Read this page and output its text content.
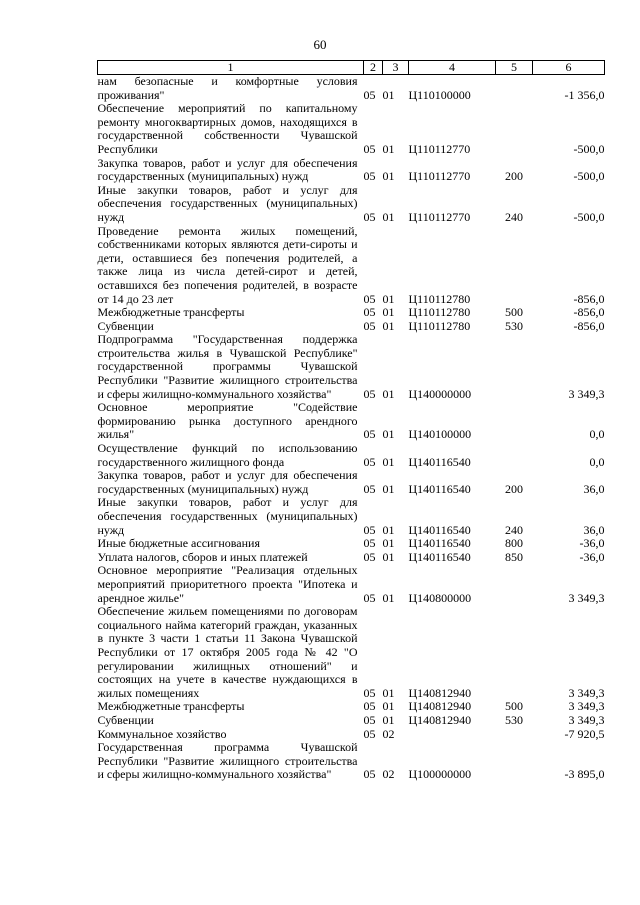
60
1	2	3	4	5	6
нам безопасные и комфортные условия проживания"	05	01	Ц110100000		-1 356,0
Обеспечение мероприятий по капитальному ремонту многоквартирных домов, находящихся в государственной собственности Чувашской Республики	05	01	Ц110112770		-500,0
Закупка товаров, работ и услуг для обеспечения государственных (муниципальных) нужд	05	01	Ц110112770	200	-500,0
Иные закупки товаров, работ и услуг для обеспечения государственных (муниципальных) нужд	05	01	Ц110112770	240	-500,0
Проведение ремонта жилых помещений, собственниками которых являются дети-сироты и дети, оставшиеся без попечения родителей, а также лица из числа детей-сирот и детей, оставшихся без попечения родителей, в возрасте от 14 до 23 лет	05	01	Ц110112780		-856,0
Межбюджетные трансферты	05	01	Ц110112780	500	-856,0
Субвенции	05	01	Ц110112780	530	-856,0
Подпрограмма "Государственная поддержка строительства жилья в Чувашской Республике" государственной программы Чувашской Республики "Развитие жилищного строительства и сферы жилищно-коммунального хозяйства"	05	01	Ц140000000		3 349,3
Основное мероприятие "Содействие формированию рынка доступного арендного жилья"	05	01	Ц140100000		0,0
Осуществление функций по использованию государственного жилищного фонда	05	01	Ц140116540		0,0
Закупка товаров, работ и услуг для обеспечения государственных (муниципальных) нужд	05	01	Ц140116540	200	36,0
Иные закупки товаров, работ и услуг для обеспечения государственных (муниципальных) нужд	05	01	Ц140116540	240	36,0
Иные бюджетные ассигнования	05	01	Ц140116540	800	-36,0
Уплата налогов, сборов и иных платежей	05	01	Ц140116540	850	-36,0
Основное мероприятие "Реализация отдельных мероприятий приоритетного проекта "Ипотека и арендное жилье"	05	01	Ц140800000		3 349,3
Обеспечение жильем помещениями по договорам социального найма категорий граждан, указанных в пункте 3 части 1 статьи 11 Закона Чувашской Республики от 17 октября 2005 года № 42 "О регулировании жилищных отношений" и состоящих на учете в качестве нуждающихся в жилых помещениях	05	01	Ц140812940		3 349,3
Межбюджетные трансферты	05	01	Ц140812940	500	3 349,3
Субвенции	05	01	Ц140812940	530	3 349,3
Коммунальное хозяйство	05	02			-7 920,5
Государственная программа Чувашской Республики "Развитие жилищного строительства и сферы жилищно-коммунального хозяйства"	05	02	Ц100000000		-3 895,0
